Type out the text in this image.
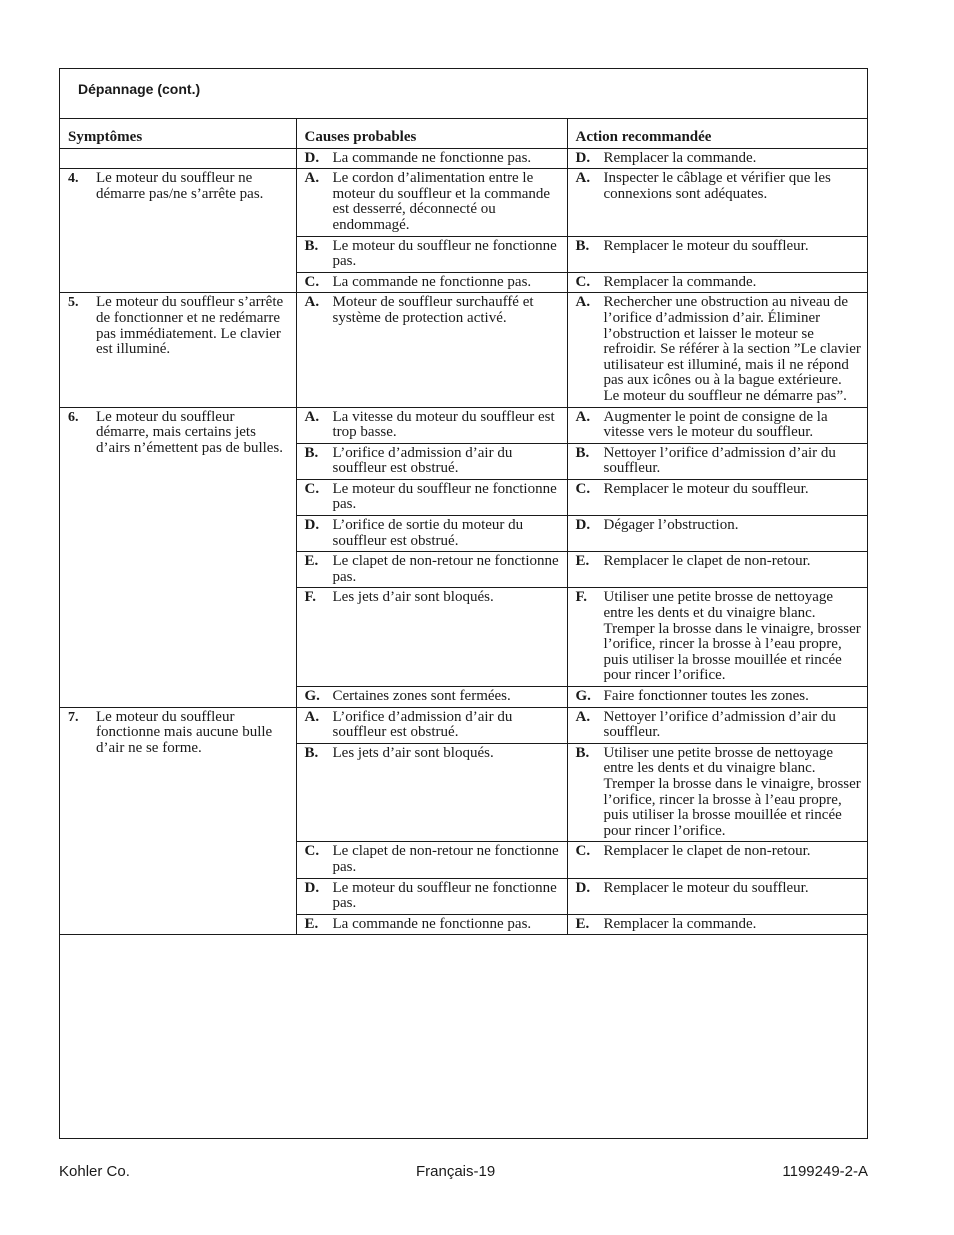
Dépannage (cont.)
Symptômes	Causes probables	Action recommandée

	D. La commande ne fonctionne pas.	D. Remplacer la commande.

4. Le moteur du souffleur ne démarre pas/ne s’arrête pas.	A. Le cordon d’alimentation entre le moteur du souffleur et la commande est desserré, déconnecté ou endommagé.	A. Inspecter le câblage et vérifier que les connexions sont adéquates.

	B. Le moteur du souffleur ne fonctionne pas.	B. Remplacer le moteur du souffleur.

	C. La commande ne fonctionne pas.	C. Remplacer la commande.

5. Le moteur du souffleur s’arrête de fonctionner et ne redémarre pas immédiatement. Le clavier est illuminé.	A. Moteur de souffleur surchauffé et système de protection activé.	A. Rechercher une obstruction au niveau de l’orifice d’admission d’air. Éliminer l’obstruction et laisser le moteur se refroidir. Se référer à la section ”Le clavier utilisateur est illuminé, mais il ne répond pas aux icônes ou à la bague extérieure. Le moteur du souffleur ne démarre pas”.

6. Le moteur du souffleur démarre, mais certains jets d’airs n’émettent pas de bulles.	A. La vitesse du moteur du souffleur est trop basse.	A. Augmenter le point de consigne de la vitesse vers le moteur du souffleur.

	B. L’orifice d’admission d’air du souffleur est obstrué.	B. Nettoyer l’orifice d’admission d’air du souffleur.

	C. Le moteur du souffleur ne fonctionne pas.	C. Remplacer le moteur du souffleur.

	D. L’orifice de sortie du moteur du souffleur est obstrué.	D. Dégager l’obstruction.

	E. Le clapet de non-retour ne fonctionne pas.	E. Remplacer le clapet de non-retour.

	F. Les jets d’air sont bloqués.	F. Utiliser une petite brosse de nettoyage entre les dents et du vinaigre blanc. Tremper la brosse dans le vinaigre, brosser l’orifice, rincer la brosse à l’eau propre, puis utiliser la brosse mouillée et rincée pour rincer l’orifice.

	G. Certaines zones sont fermées.	G. Faire fonctionner toutes les zones.

7. Le moteur du souffleur fonctionne mais aucune bulle d’air ne se forme.	A. L’orifice d’admission d’air du souffleur est obstrué.	A. Nettoyer l’orifice d’admission d’air du souffleur.

	B. Les jets d’air sont bloqués.	B. Utiliser une petite brosse de nettoyage entre les dents et du vinaigre blanc. Tremper la brosse dans le vinaigre, brosser l’orifice, rincer la brosse à l’eau propre, puis utiliser la brosse mouillée et rincée pour rincer l’orifice.

	C. Le clapet de non-retour ne fonctionne pas.	C. Remplacer le clapet de non-retour.

	D. Le moteur du souffleur ne fonctionne pas.	D. Remplacer le moteur du souffleur.

	E. La commande ne fonctionne pas.	E. Remplacer la commande.
Kohler Co.	Français-19	1199249-2-A
